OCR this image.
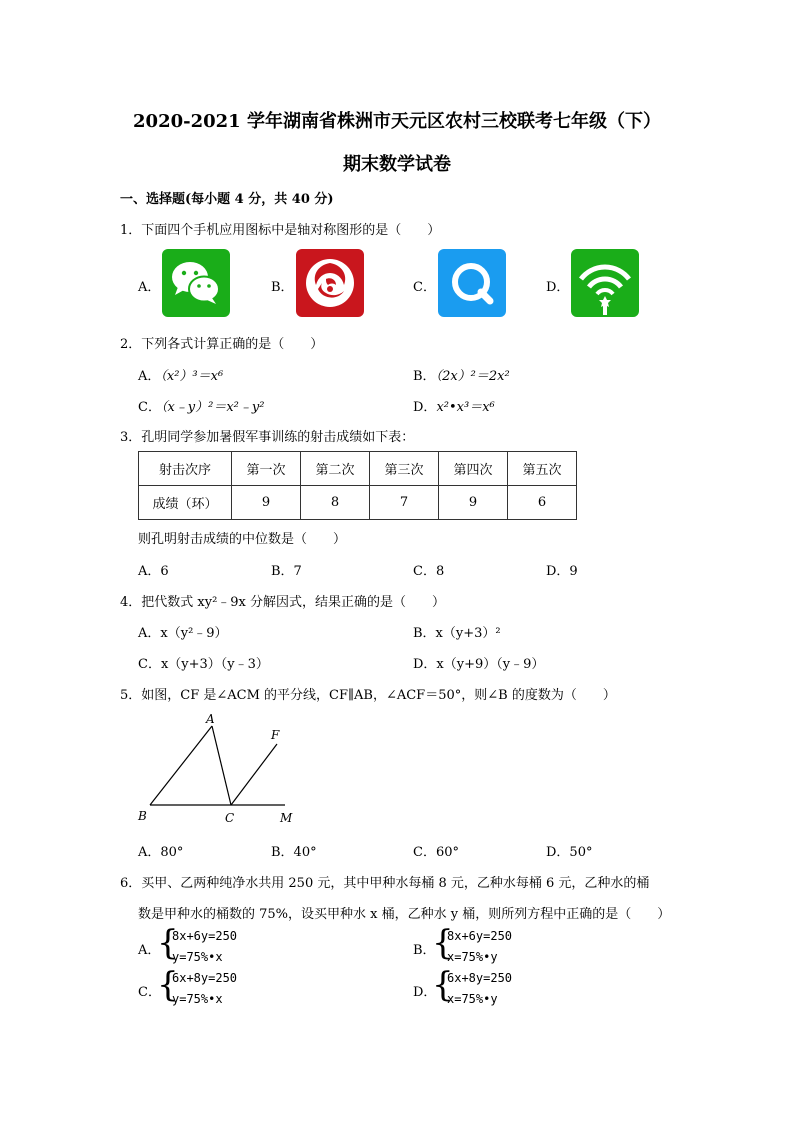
2020-2021 学年湖南省株洲市天元区农村三校联考七年级（下）
期末数学试卷
一、选择题(每小题 4 分，共 40 分)
1．下面四个手机应用图标中是轴对称图形的是（　　）
A．	B．	C．	D．
2．下列各式计算正确的是（　　）
A．（x²）³＝x⁶	B．（2x）²＝2x²
C．（x﹣y）²＝x²﹣y²	D．x²•x³＝x⁶
3．孔明同学参加暑假军事训练的射击成绩如下表：
射击次序	第一次	第二次	第三次	第四次	第五次
成绩（环）	9	8	7	9	6
则孔明射击成绩的中位数是（　　）
A．6	B．7	C．8	D．9
4．把代数式 xy²﹣9x 分解因式，结果正确的是（　　）
A．x（y²﹣9）	B．x（y+3）²
C．x（y+3）（y﹣3）	D．x（y+9）（y﹣9）
5．如图，CF 是∠ACM 的平分线，CF∥AB，∠ACF＝50°，则∠B 的度数为（　　）
A
B	C
F
M
A．80°	B．40°	C．60°	D．50°
6．买甲、乙两种纯净水共用 250 元，其中甲种水每桶 8 元，乙种水每桶 6 元，乙种水的桶
数是甲种水的桶数的 75%，设买甲种水 x 桶，乙种水 y 桶，则所列方程中正确的是（　　）
A．
{
8x+6y=250
y=75%•x	B．
{
8x+6y=250
x=75%•y
C．
{
6x+8y=250
y=75%•x	D．
{
6x+8y=250
x=75%•y
